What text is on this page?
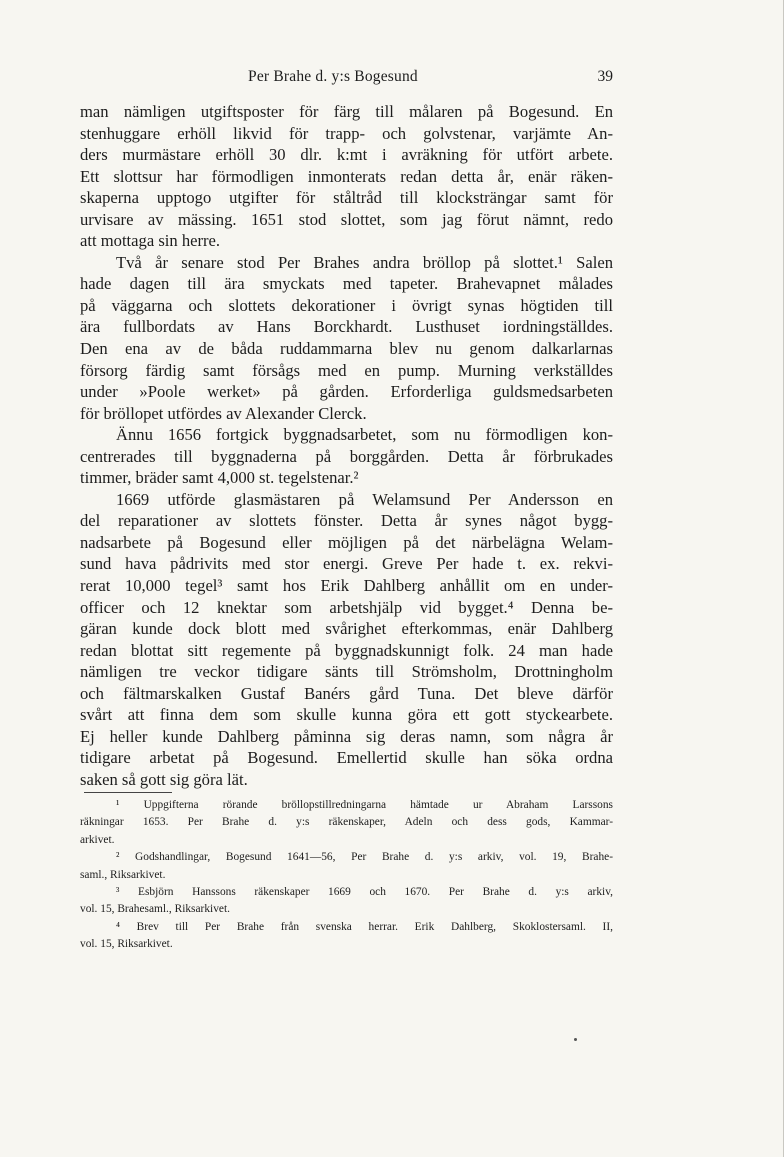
Per Brahe d. y:s Bogesund	39
man nämligen utgiftsposter för färg till målaren på Bogesund. En
stenhuggare erhöll likvid för trapp- och golvstenar, varjämte An-
ders murmästare erhöll 30 dlr. k:mt i avräkning för utfört arbete.
Ett slottsur har förmodligen inmonterats redan detta år, enär räken-
skaperna upptogo utgifter för ståltråd till klocksträngar samt för
urvisare av mässing. 1651 stod slottet, som jag förut nämnt, redo
att mottaga sin herre.
Två år senare stod Per Brahes andra bröllop på slottet.¹ Salen
hade dagen till ära smyckats med tapeter. Brahevapnet målades
på väggarna och slottets dekorationer i övrigt synas högtiden till
ära fullbordats av Hans Borckhardt. Lusthuset iordningställdes.
Den ena av de båda ruddammarna blev nu genom dalkarlarnas
försorg färdig samt försågs med en pump. Murning verkställdes
under »Poole werket» på gården. Erforderliga guldsmedsarbeten
för bröllopet utfördes av Alexander Clerck.
Ännu 1656 fortgick byggnadsarbetet, som nu förmodligen kon-
centrerades till byggnaderna på borggården. Detta år förbrukades
timmer, bräder samt 4,000 st. tegelstenar.²
1669 utförde glasmästaren på Welamsund Per Andersson en
del reparationer av slottets fönster. Detta år synes något bygg-
nadsarbete på Bogesund eller möjligen på det närbelägna Welam-
sund hava pådrivits med stor energi. Greve Per hade t. ex. rekvi-
rerat 10,000 tegel³ samt hos Erik Dahlberg anhållit om en under-
officer och 12 knektar som arbetshjälp vid bygget.⁴ Denna be-
gäran kunde dock blott med svårighet efterkommas, enär Dahlberg
redan blottat sitt regemente på byggnadskunnigt folk. 24 man hade
nämligen tre veckor tidigare sänts till Strömsholm, Drottningholm
och fältmarskalken Gustaf Banérs gård Tuna. Det bleve därför
svårt att finna dem som skulle kunna göra ett gott styckearbete.
Ej heller kunde Dahlberg påminna sig deras namn, som några år
tidigare arbetat på Bogesund. Emellertid skulle han söka ordna
saken så gott sig göra lät.
¹ Uppgifterna rörande bröllopstillredningarna hämtade ur Abraham Larssons
räkningar 1653. Per Brahe d. y:s räkenskaper, Adeln och dess gods, Kammar-
arkivet.
² Godshandlingar, Bogesund 1641—56, Per Brahe d. y:s arkiv, vol. 19, Brahe-
saml., Riksarkivet.
³ Esbjörn Hanssons räkenskaper 1669 och 1670. Per Brahe d. y:s arkiv,
vol. 15, Brahesaml., Riksarkivet.
⁴ Brev till Per Brahe från svenska herrar. Erik Dahlberg, Skoklostersaml. II,
vol. 15, Riksarkivet.
